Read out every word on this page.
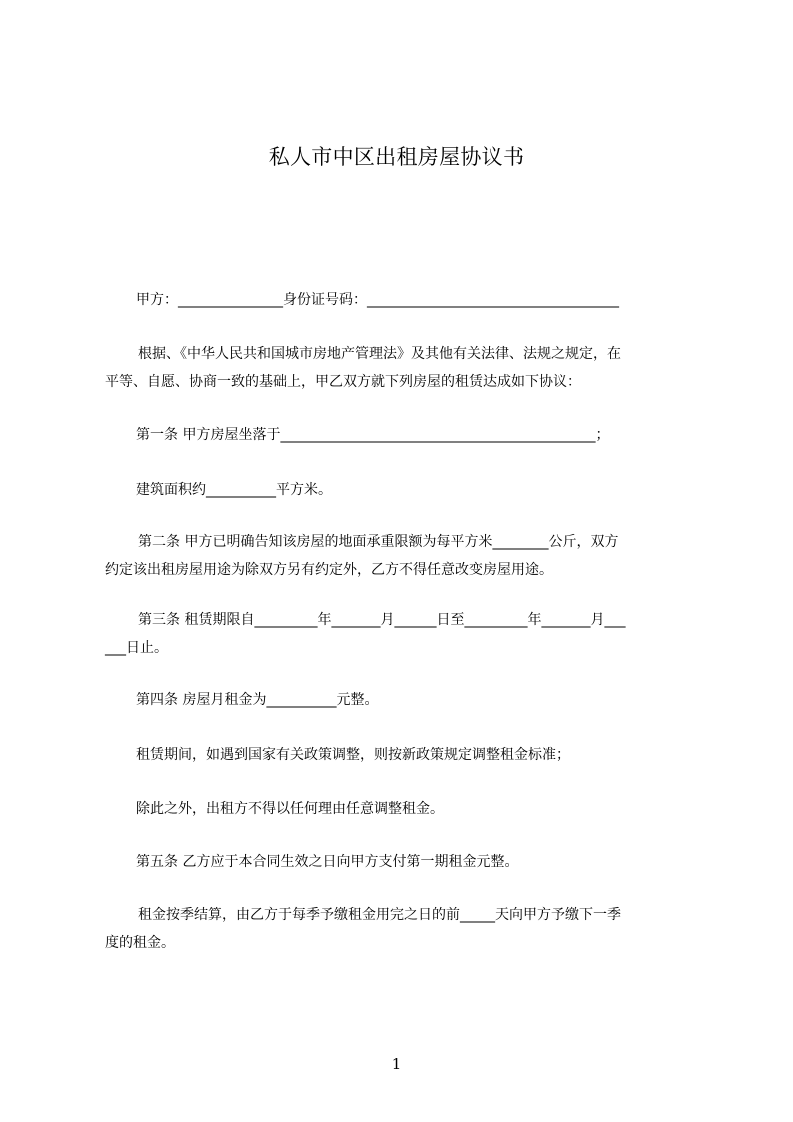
私人市中区出租房屋协议书
甲方：_______________身份证号码：____________________________________
根据、《中华人民共和国城市房地产管理法》及其他有关法律、法规之规定，在
平等、自愿、协商一致的基础上，甲乙双方就下列房屋的租赁达成如下协议：
第一条 甲方房屋坐落于_____________________________________________；
建筑面积约__________平方米。
第二条 甲方已明确告知该房屋的地面承重限额为每平方米________公斤，双方
约定该出租房屋用途为除双方另有约定外，乙方不得任意改变房屋用途。
第三条 租赁期限自_________年_______月______日至_________年_______月___
___日止。
第四条 房屋月租金为__________元整。
租赁期间，如遇到国家有关政策调整，则按新政策规定调整租金标准；
除此之外，出租方不得以任何理由任意调整租金。
第五条 乙方应于本合同生效之日向甲方支付第一期租金元整。
租金按季结算，由乙方于每季予缴租金用完之日的前_____天向甲方予缴下一季
度的租金。
1
